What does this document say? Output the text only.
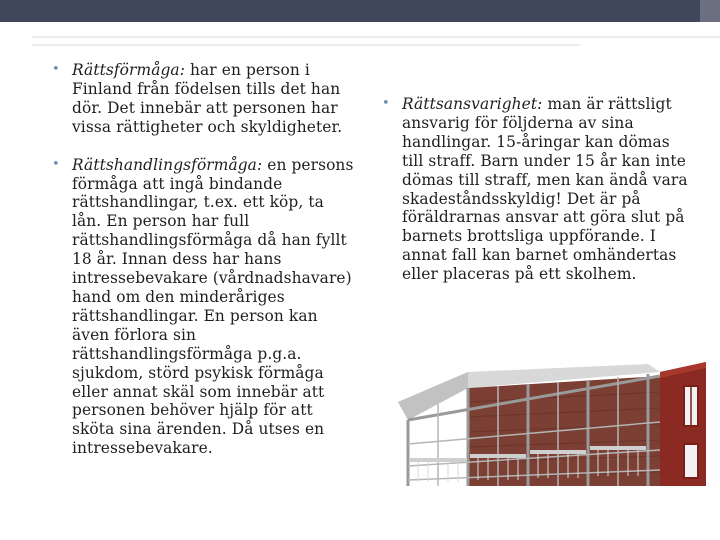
• Rättsförmåga: har en person i Finland från födelsen tills det han dör. Det innebär att personen har vissa rättigheter och skyldigheter.

• Rättshandlingsförmåga: en persons förmåga att ingå bindande rättshandlingar, t.ex. ett köp, ta lån. En person har full rättshandlingsförmåga då han fyllt 18 år. Innan dess har hans intressebevakare (vårdnadshavare) hand om den minderåriges rättshandlingar. En person kan även förlora sin rättshandlingsförmåga p.g.a. sjukdom, störd psykisk förmåga eller annat skäl som innebär att personen behöver hjälp för att sköta sina ärenden. Då utses en intressebevakare.

• Rättsansvarighet: man är rättsligt ansvarig för följderna av sina handlingar. 15-åringar kan dömas till straff. Barn under 15 år kan inte dömas till straff, men kan ändå vara skadeståndsskyldig! Det är på föräldrarnas ansvar att göra slut på barnets brottsliga uppförande. I annat fall kan barnet omhändertas eller placeras på ett skolhem.
